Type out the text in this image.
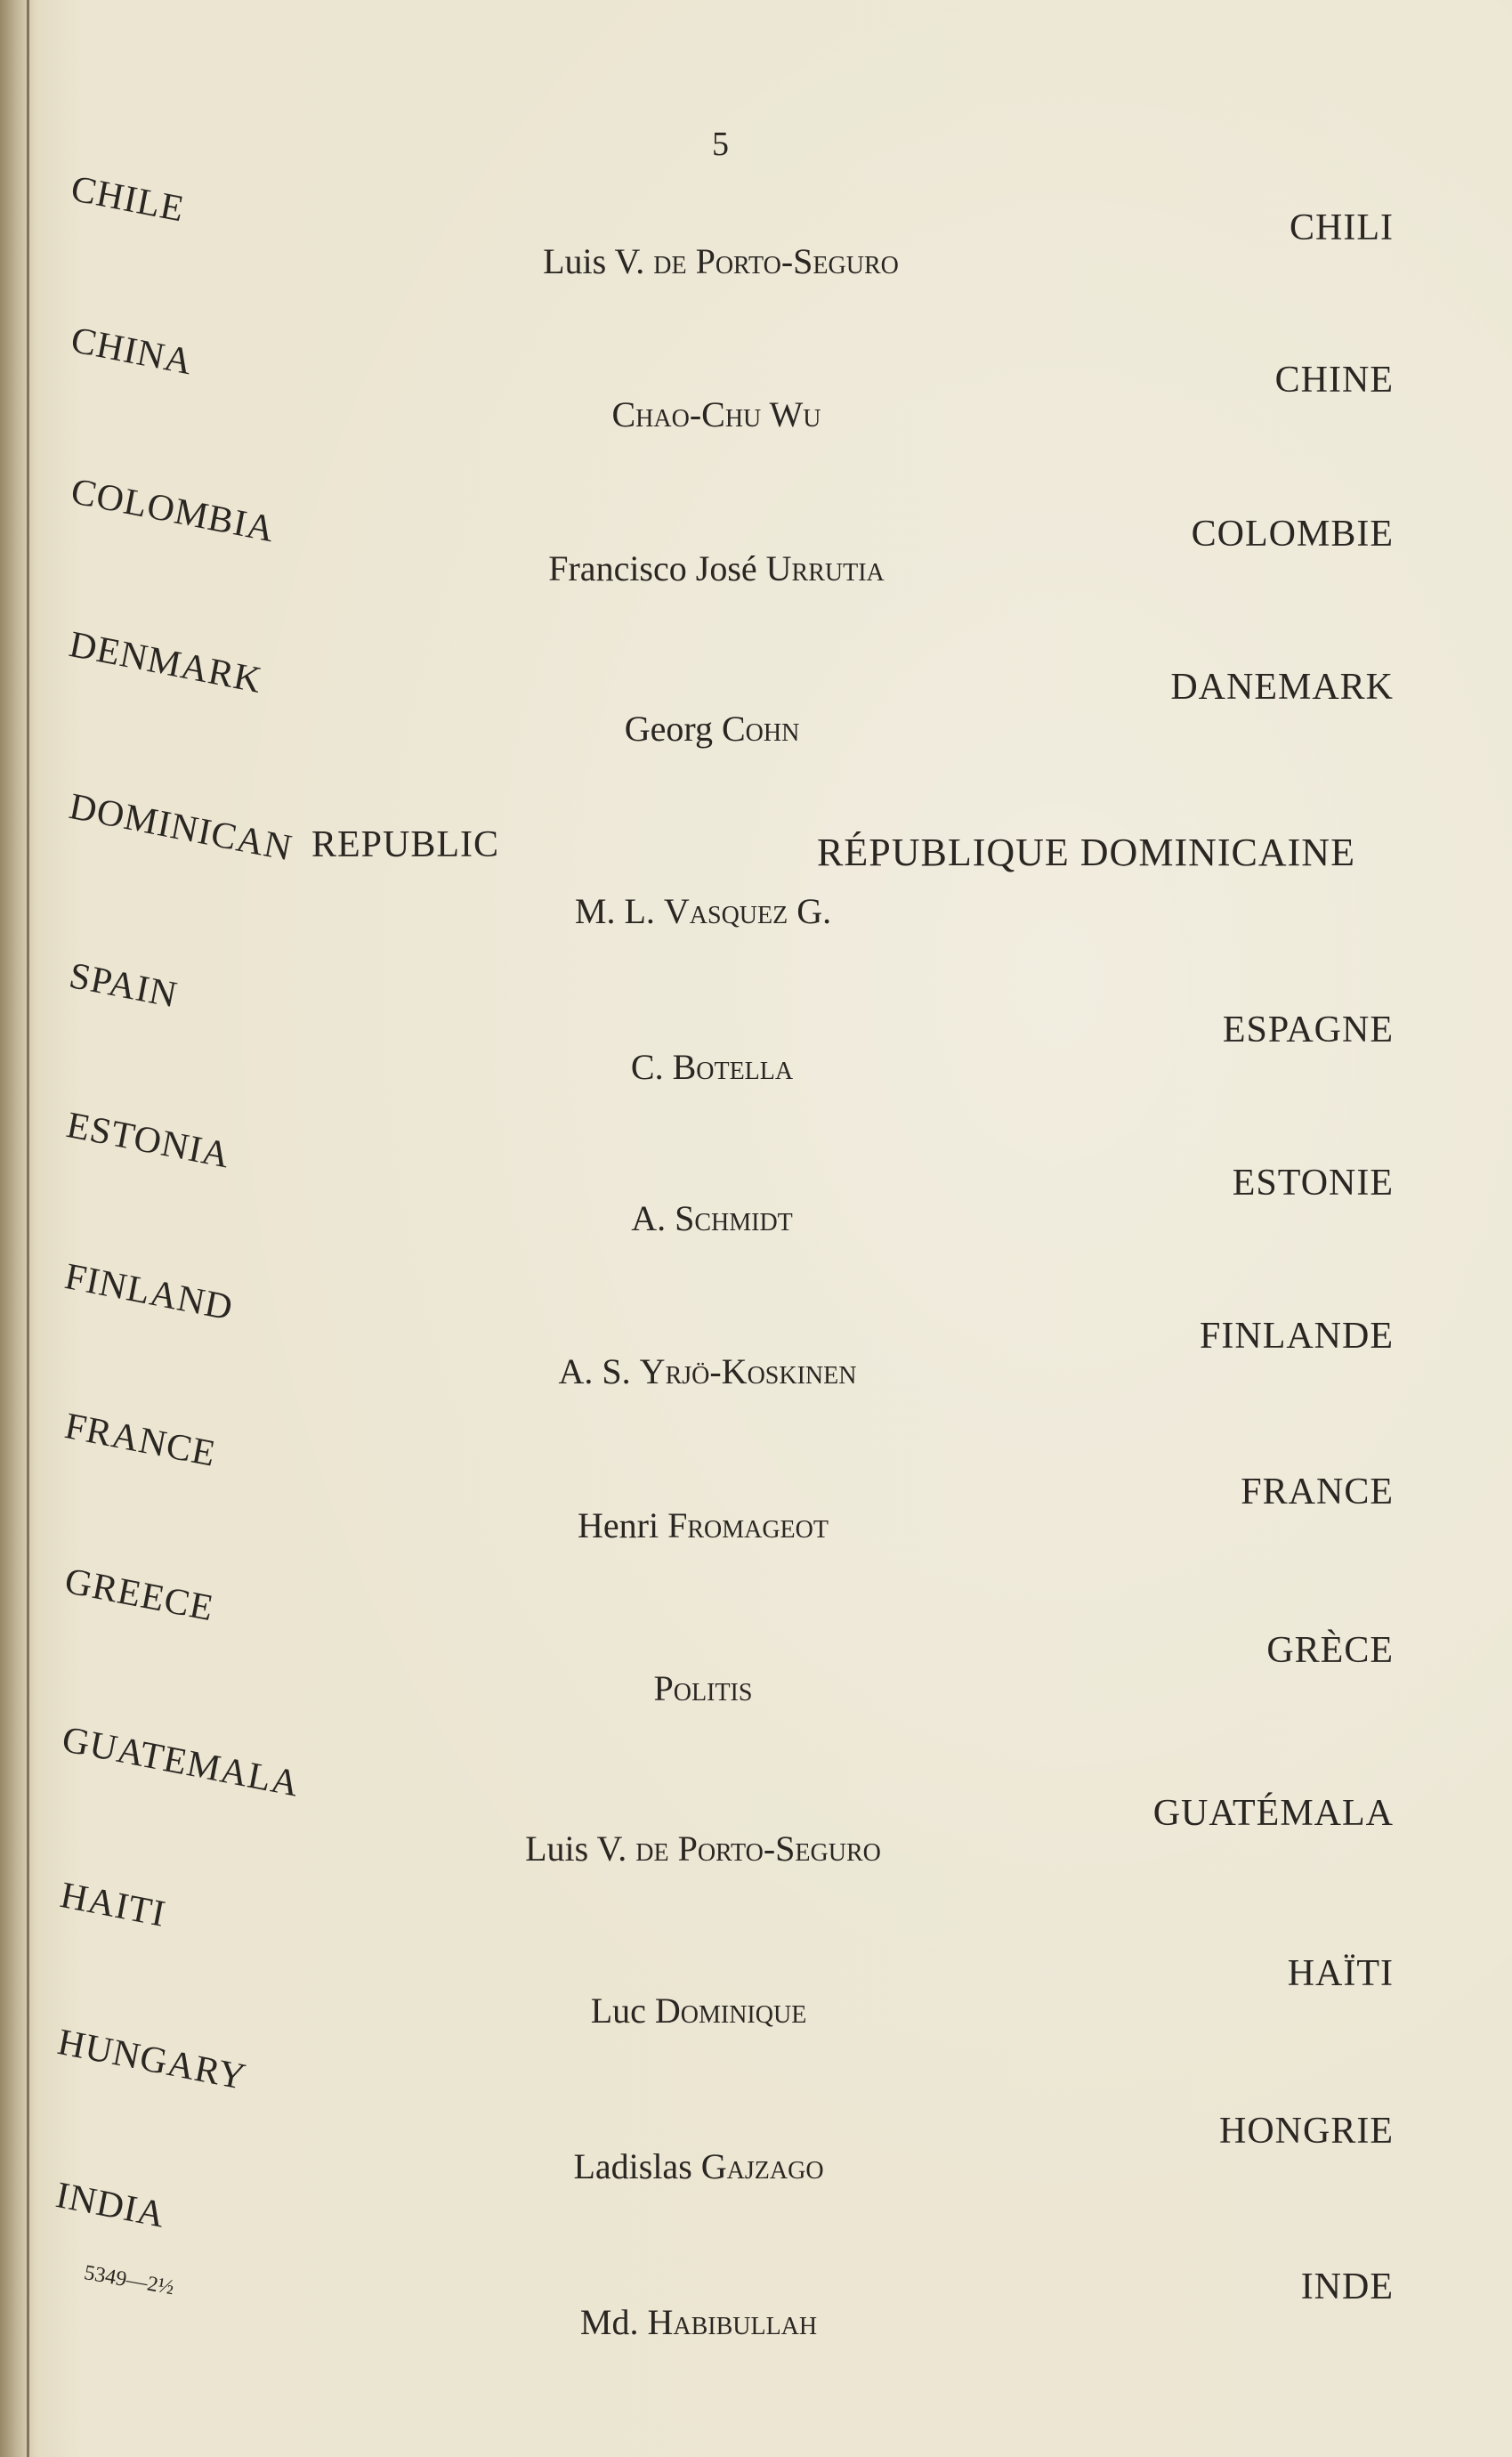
5
CHILE
Luis V. de Porto-Seguro
CHILI
CHINA
Chao-Chu Wu
CHINE
COLOMBIA
Francisco José Urrutia
COLOMBIE
DENMARK
Georg Cohn
DANEMARK
DOMINICAN REPUBLIC
M. L. Vasquez G.
RÉPUBLIQUE DOMINICAINE
SPAIN
C. Botella
ESPAGNE
ESTONIA
A. Schmidt
ESTONIE
FINLAND
A. S. Yrjö-Koskinen
FINLANDE
FRANCE
Henri Fromageot
FRANCE
GREECE
Politis
GRÈCE
GUATEMALA
Luis V. de Porto-Seguro
GUATÉMALA
HAITI
Luc Dominique
HAÏTI
HUNGARY
Ladislas Gajzago
HONGRIE
INDIA
Md. Habibullah
INDE
5349—2½
